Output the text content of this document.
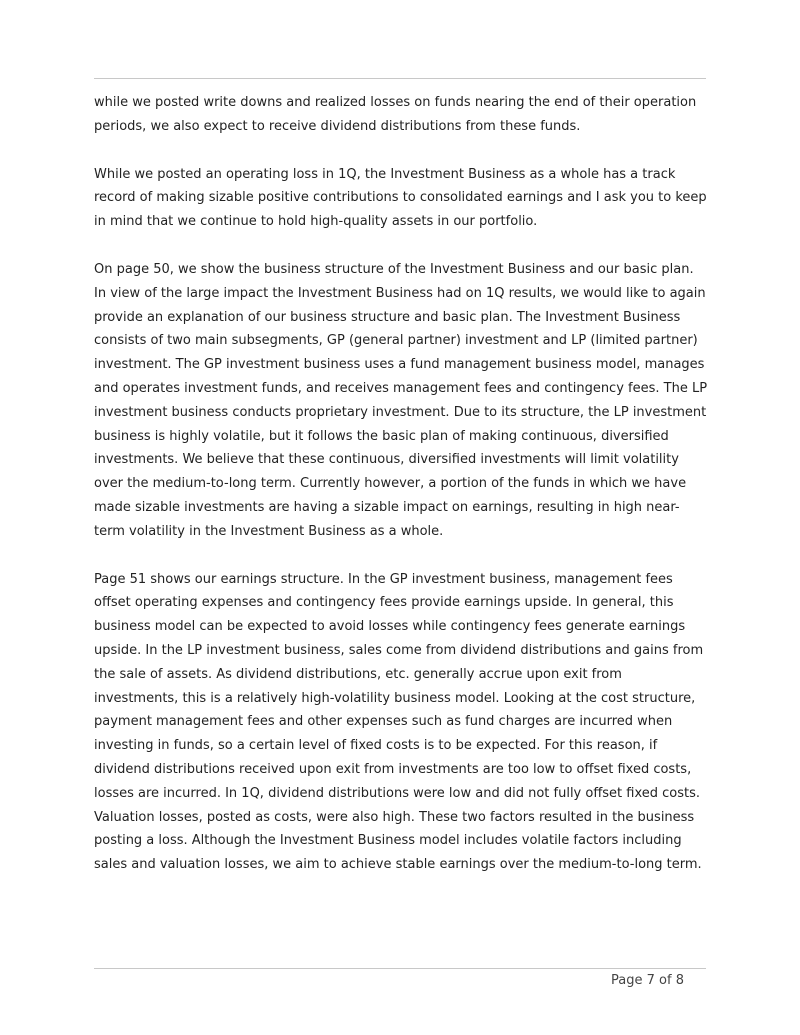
while we posted write downs and realized losses on funds nearing the end of their operation periods, we also expect to receive dividend distributions from these funds.

While we posted an operating loss in 1Q, the Investment Business as a whole has a track record of making sizable positive contributions to consolidated earnings and I ask you to keep in mind that we continue to hold high-quality assets in our portfolio.

On page 50, we show the business structure of the Investment Business and our basic plan. In view of the large impact the Investment Business had on 1Q results, we would like to again provide an explanation of our business structure and basic plan. The Investment Business consists of two main subsegments, GP (general partner) investment and LP (limited partner) investment. The GP investment business uses a fund management business model, manages and operates investment funds, and receives management fees and contingency fees. The LP investment business conducts proprietary investment. Due to its structure, the LP investment business is highly volatile, but it follows the basic plan of making continuous, diversified investments. We believe that these continuous, diversified investments will limit volatility over the medium-to-long term. Currently however, a portion of the funds in which we have made sizable investments are having a sizable impact on earnings, resulting in high near-term volatility in the Investment Business as a whole.

Page 51 shows our earnings structure. In the GP investment business, management fees offset operating expenses and contingency fees provide earnings upside. In general, this business model can be expected to avoid losses while contingency fees generate earnings upside. In the LP investment business, sales come from dividend distributions and gains from the sale of assets. As dividend distributions, etc. generally accrue upon exit from investments, this is a relatively high-volatility business model. Looking at the cost structure, payment management fees and other expenses such as fund charges are incurred when investing in funds, so a certain level of fixed costs is to be expected. For this reason, if dividend distributions received upon exit from investments are too low to offset fixed costs, losses are incurred. In 1Q, dividend distributions were low and did not fully offset fixed costs. Valuation losses, posted as costs, were also high. These two factors resulted in the business posting a loss. Although the Investment Business model includes volatile factors including sales and valuation losses, we aim to achieve stable earnings over the medium-to-long term.

Page 7 of 8
